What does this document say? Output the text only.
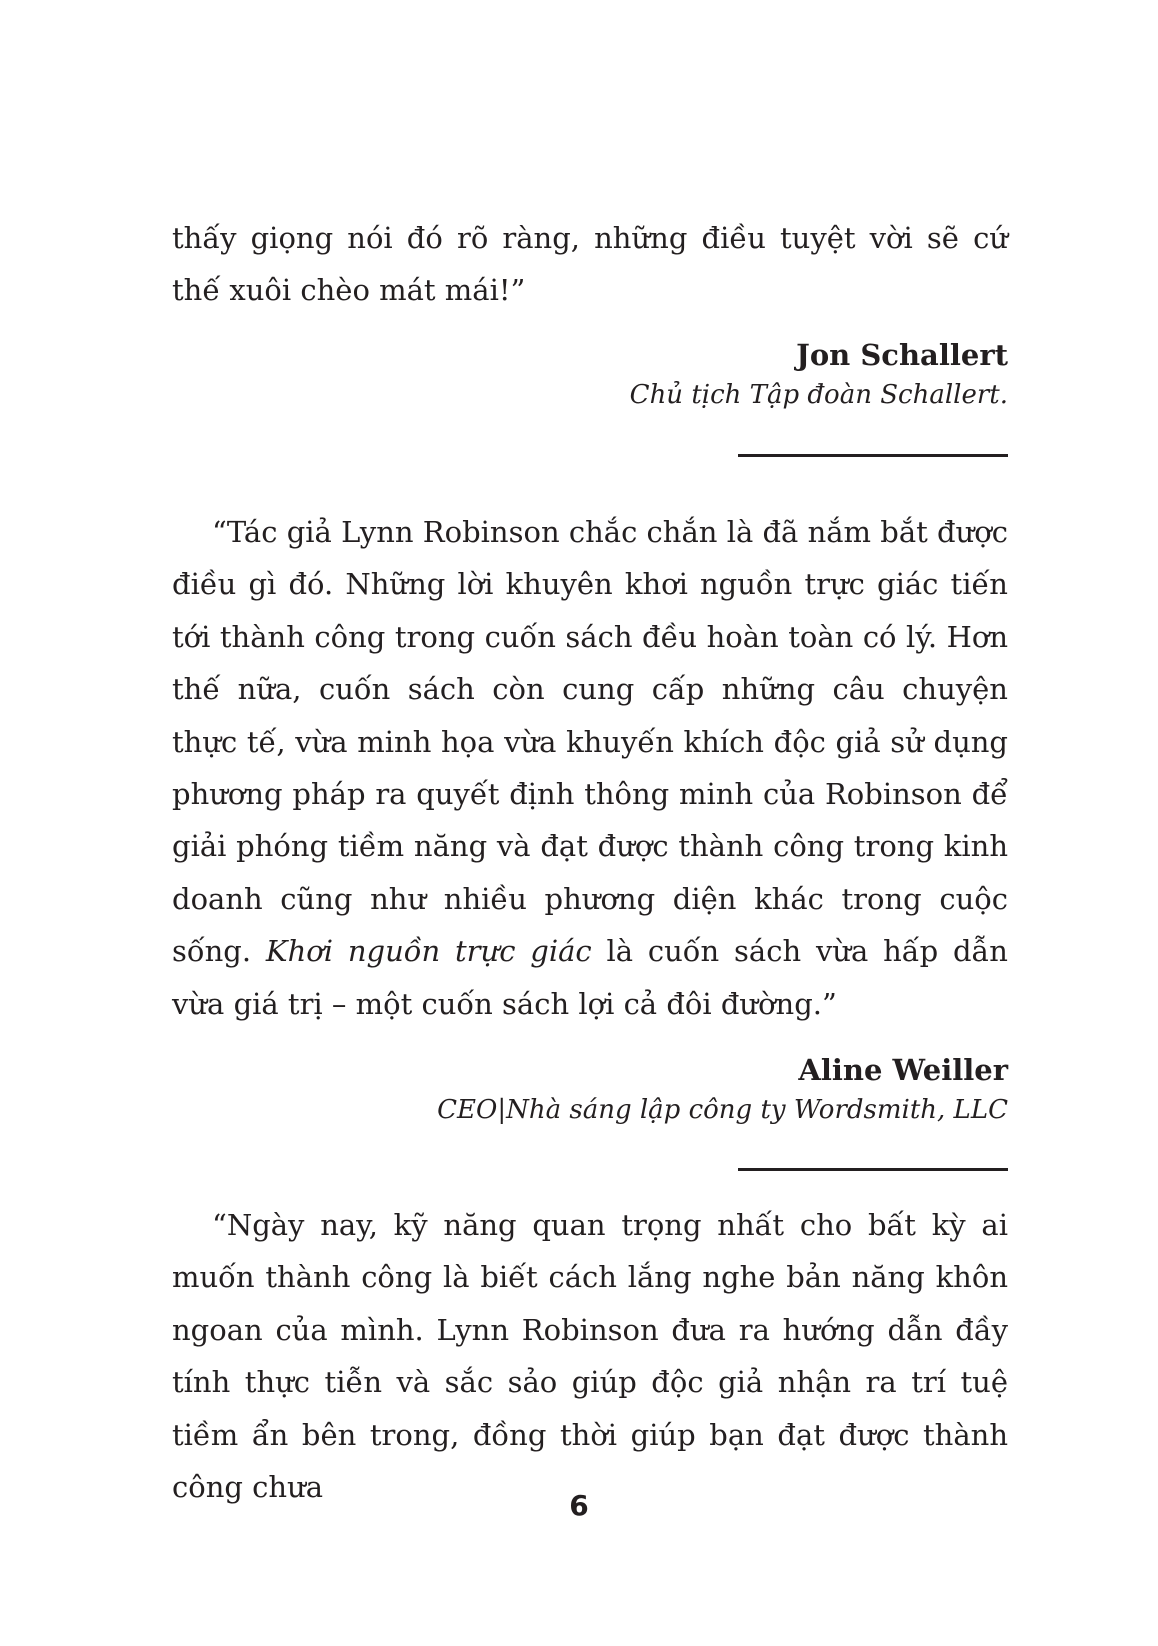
thấy giọng nói đó rõ ràng, những điều tuyệt vời sẽ cứ thế xuôi chèo mát mái!”

Jon Schallert

Chủ tịch Tập đoàn Schallert.

“Tác giả Lynn Robinson chắc chắn là đã nắm bắt được điều gì đó. Những lời khuyên khơi nguồn trực giác tiến tới thành công trong cuốn sách đều hoàn toàn có lý. Hơn thế nữa, cuốn sách còn cung cấp những câu chuyện thực tế, vừa minh họa vừa khuyến khích độc giả sử dụng phương pháp ra quyết định thông minh của Robinson để giải phóng tiềm năng và đạt được thành công trong kinh doanh cũng như nhiều phương diện khác trong cuộc sống. Khơi nguồn trực giác là cuốn sách vừa hấp dẫn vừa giá trị – một cuốn sách lợi cả đôi đường.”

Aline Weiller

CEO|Nhà sáng lập công ty Wordsmith, LLC

“Ngày nay, kỹ năng quan trọng nhất cho bất kỳ ai muốn thành công là biết cách lắng nghe bản năng khôn ngoan của mình. Lynn Robinson đưa ra hướng dẫn đầy tính thực tiễn và sắc sảo giúp độc giả nhận ra trí tuệ tiềm ẩn bên trong, đồng thời giúp bạn đạt được thành công chưa

6
